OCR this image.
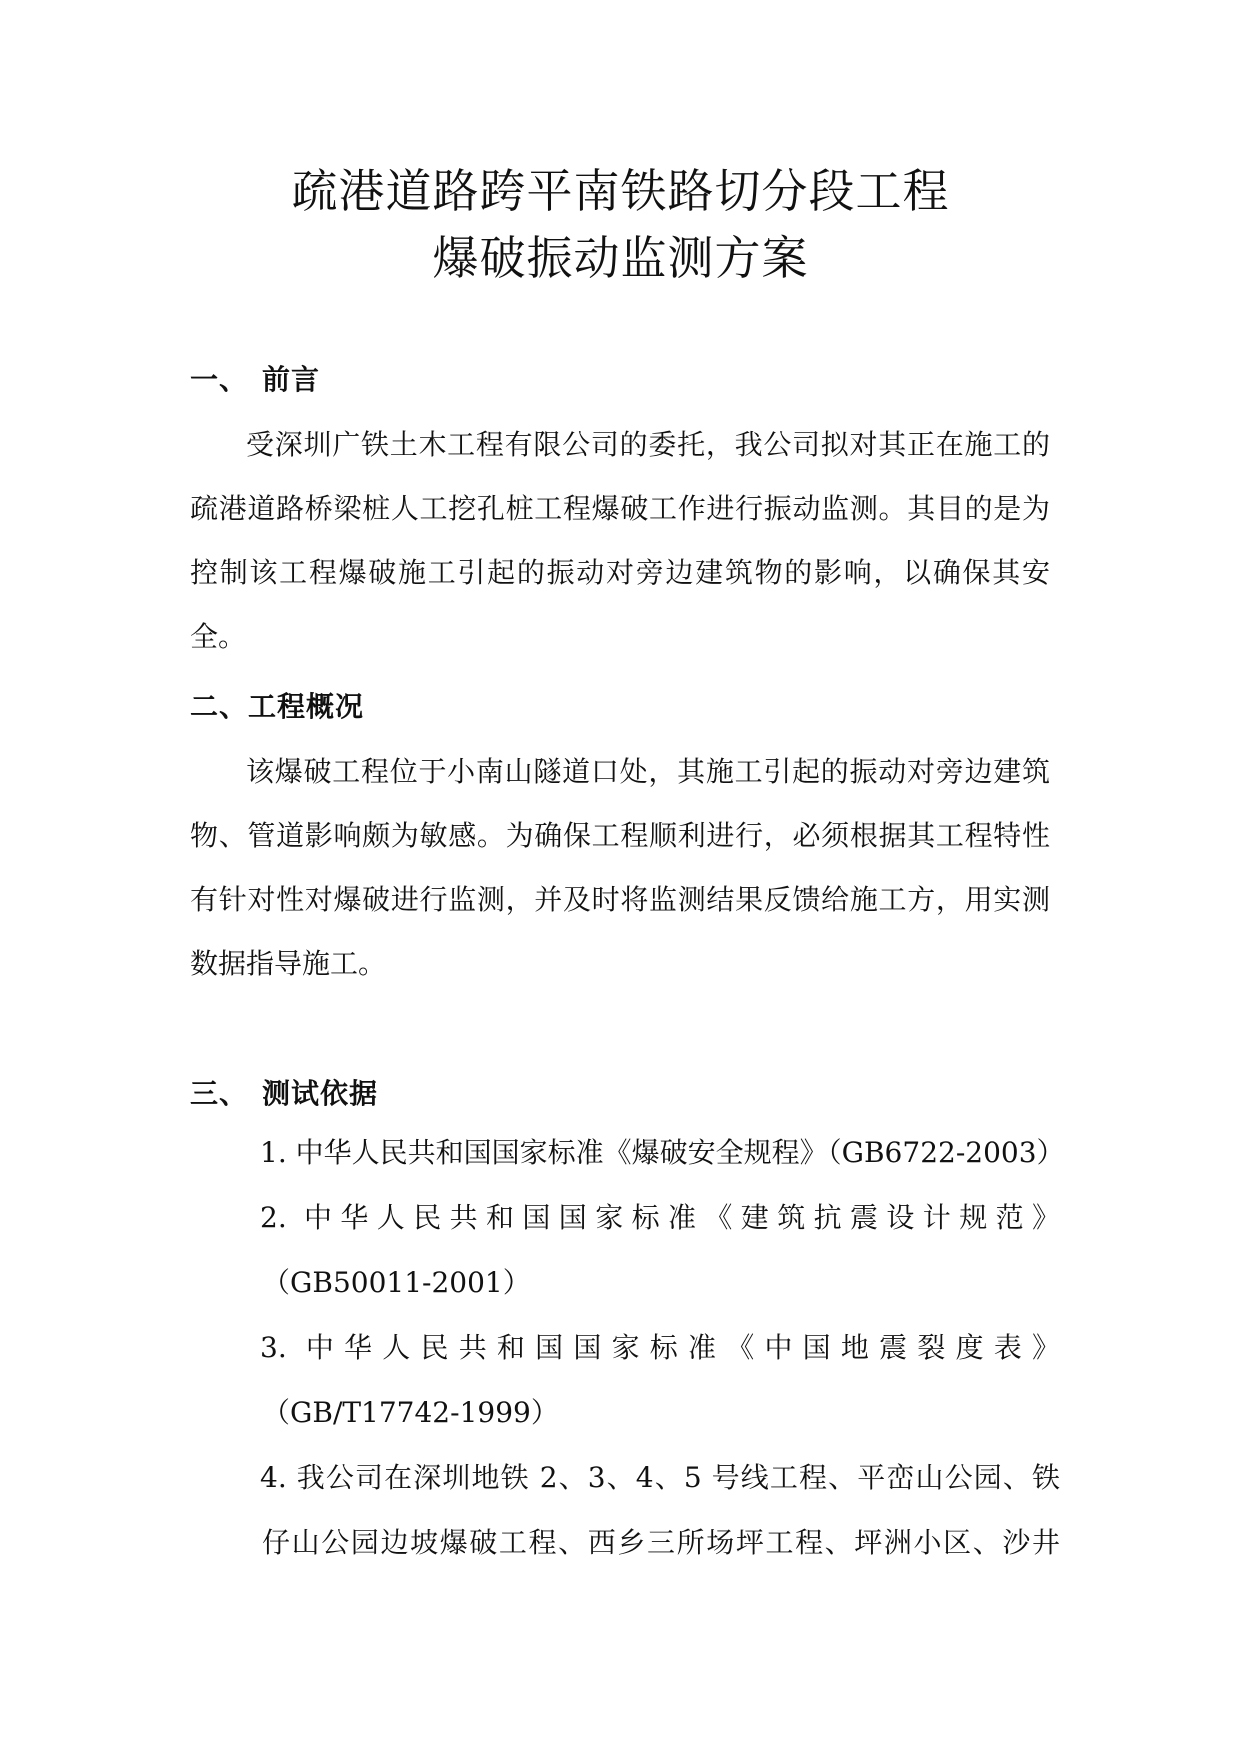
疏港道路跨平南铁路切分段工程
爆破振动监测方案
一、 前言
受深圳广铁土木工程有限公司的委托，我公司拟对其正在施工的疏港道路桥梁桩人工挖孔桩工程爆破工作进行振动监测。其目的是为控制该工程爆破施工引起的振动对旁边建筑物的影响，以确保其安全。
二、工程概况
该爆破工程位于小南山隧道口处，其施工引起的振动对旁边建筑物、管道影响颇为敏感。为确保工程顺利进行，必须根据其工程特性有针对性对爆破进行监测，并及时将监测结果反馈给施工方，用实测数据指导施工。
三、 测试依据
1. 中华人民共和国国家标准《爆破安全规程》（GB6722-2003）
2. 中华人民共和国国家标准《建筑抗震设计规范》
（GB50011-2001）
3. 中华人民共和国国家标准《中国地震裂度表》
（GB/T17742-1999）
4. 我公司在深圳地铁 2、3、4、5 号线工程、平峦山公园、铁
仔山公园边坡爆破工程、西乡三所场坪工程、坪洲小区、沙井
